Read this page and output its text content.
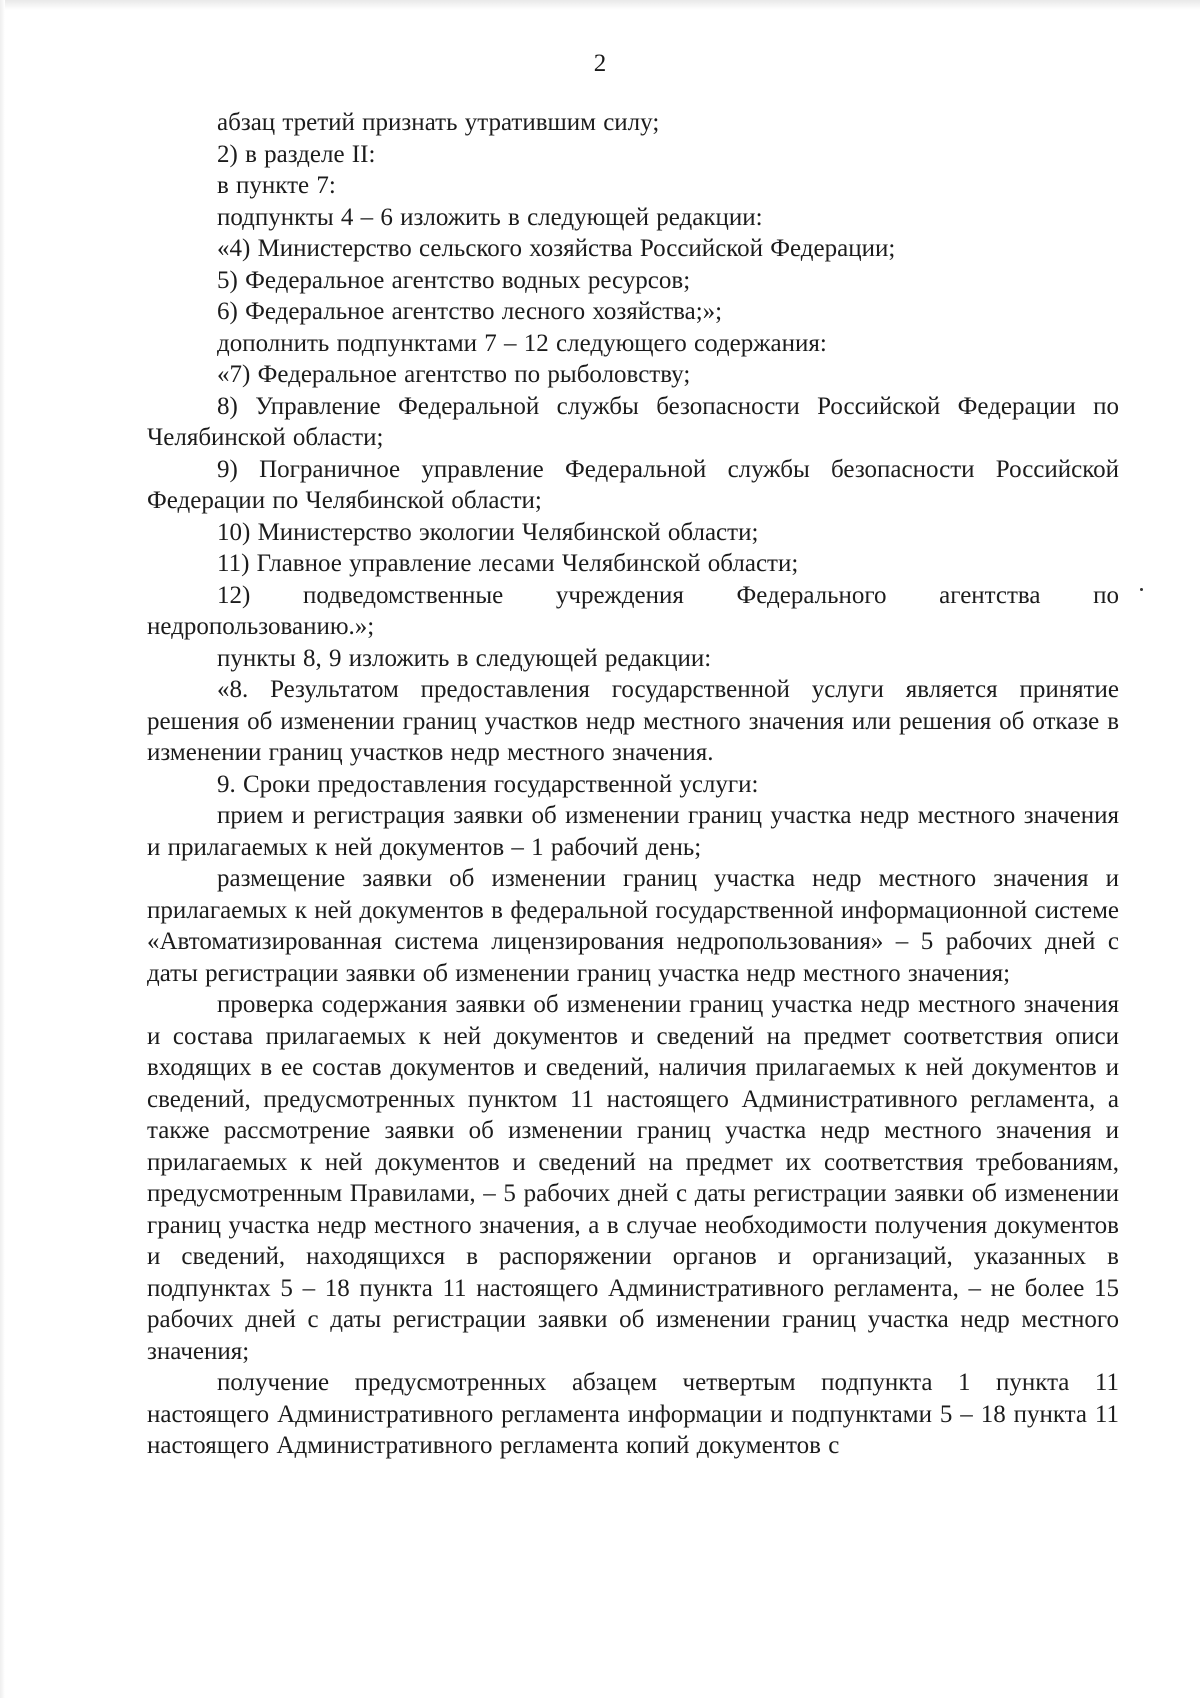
2

абзац третий признать утратившим силу;

2) в разделе II:

в пункте 7:

подпункты 4 – 6 изложить в следующей редакции:

«4) Министерство сельского хозяйства Российской Федерации;

5) Федеральное агентство водных ресурсов;

6) Федеральное агентство лесного хозяйства;»;

дополнить подпунктами 7 – 12 следующего содержания:

«7) Федеральное агентство по рыболовству;

8) Управление Федеральной службы безопасности Российской Федерации по Челябинской области;

9) Пограничное управление Федеральной службы безопасности Российской Федерации по Челябинской области;

10) Министерство экологии Челябинской области;

11) Главное управление лесами Челябинской области;

12) подведомственные учреждения Федерального агентства по недропользованию.»;

пункты 8, 9 изложить в следующей редакции:

«8. Результатом предоставления государственной услуги является принятие решения об изменении границ участков недр местного значения или решения об отказе в изменении границ участков недр местного значения.

9. Сроки предоставления государственной услуги:

прием и регистрация заявки об изменении границ участка недр местного значения и прилагаемых к ней документов – 1 рабочий день;

размещение заявки об изменении границ участка недр местного значения и прилагаемых к ней документов в федеральной государственной информационной системе «Автоматизированная система лицензирования недропользования» – 5 рабочих дней с даты регистрации заявки об изменении границ участка недр местного значения;

проверка содержания заявки об изменении границ участка недр местного значения и состава прилагаемых к ней документов и сведений на предмет соответствия описи входящих в ее состав документов и сведений, наличия прилагаемых к ней документов и сведений, предусмотренных пунктом 11 настоящего Административного регламента, а также рассмотрение заявки об изменении границ участка недр местного значения и прилагаемых к ней документов и сведений на предмет их соответствия требованиям, предусмотренным Правилами, – 5 рабочих дней с даты регистрации заявки об изменении границ участка недр местного значения, а в случае необходимости получения документов и сведений, находящихся в распоряжении органов и организаций, указанных в подпунктах 5 – 18 пункта 11 настоящего Административного регламента, – не более 15 рабочих дней с даты регистрации заявки об изменении границ участка недр местного значения;

получение предусмотренных абзацем четвертым подпункта 1 пункта 11 настоящего Административного регламента информации и подпунктами 5 – 18 пункта 11 настоящего Административного регламента копий документов с
